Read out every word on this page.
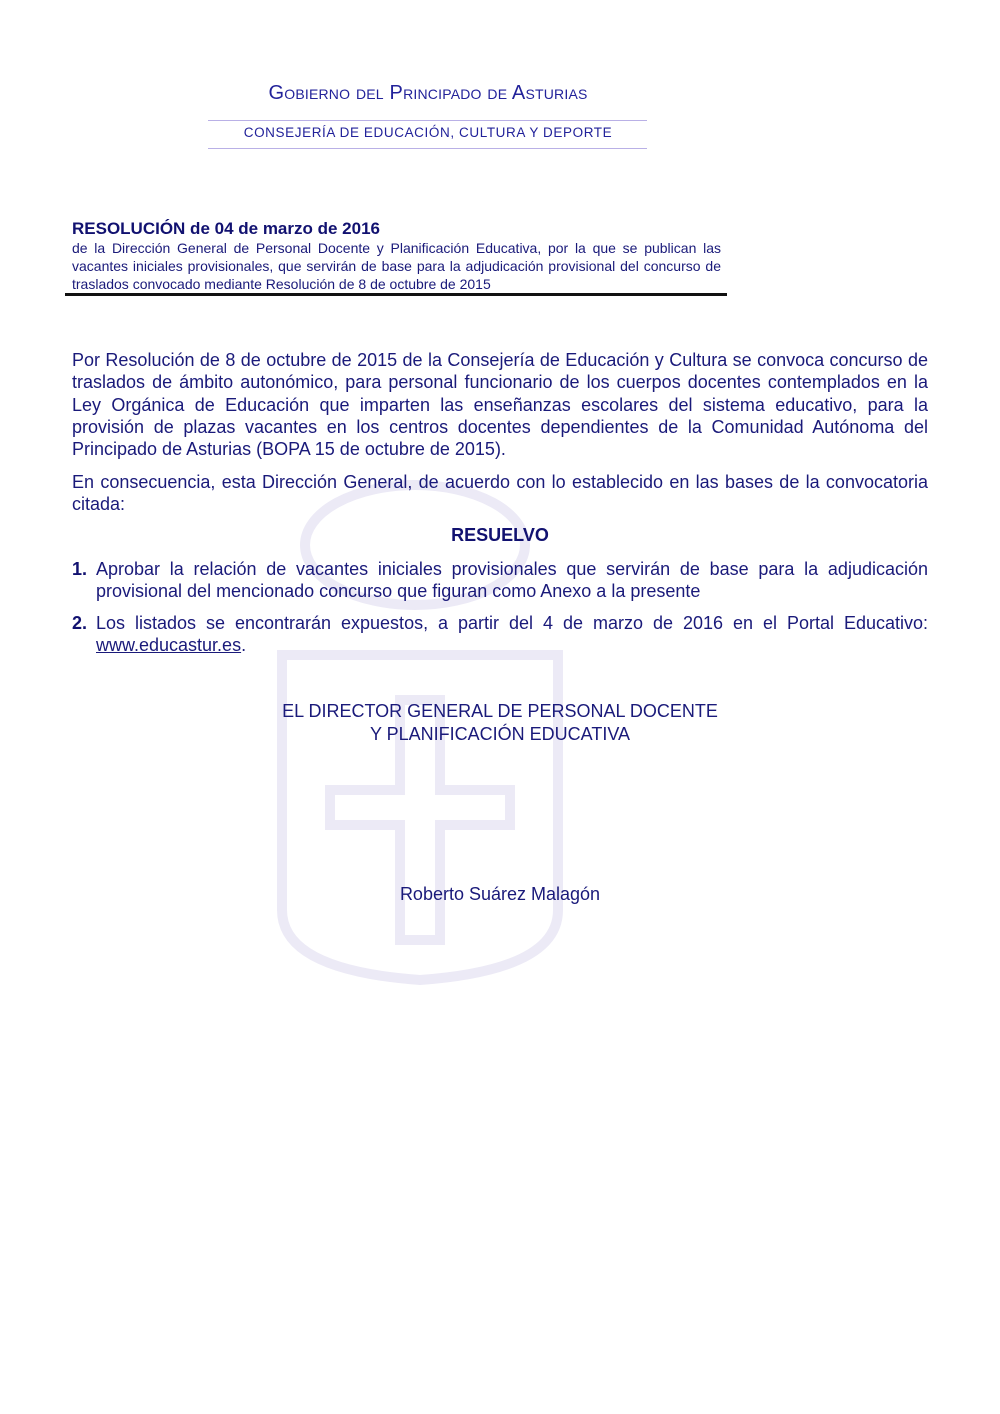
Gobierno del Principado de Asturias
CONSEJERÍA DE EDUCACIÓN, CULTURA Y DEPORTE
RESOLUCIÓN de 04 de marzo de 2016
de la Dirección General de Personal Docente y Planificación Educativa, por la que se publican las vacantes iniciales provisionales, que servirán de base para la adjudicación provisional del concurso de traslados convocado mediante Resolución de 8 de octubre de 2015
Por Resolución de 8 de octubre de 2015 de la Consejería de Educación y Cultura se convoca concurso de traslados de ámbito autonómico, para personal funcionario de los cuerpos docentes contemplados en la Ley Orgánica de Educación que imparten las enseñanzas escolares del sistema educativo, para la provisión de plazas vacantes en los centros docentes dependientes de la Comunidad Autónoma del Principado de Asturias (BOPA 15 de octubre de 2015).
En consecuencia, esta Dirección General, de acuerdo con lo establecido en las bases de la convocatoria citada:
RESUELVO
1. Aprobar la relación de vacantes iniciales provisionales que servirán de base para la adjudicación provisional del mencionado concurso que figuran como Anexo a la presente
2. Los listados se encontrarán expuestos, a partir del 4 de marzo de 2016 en el Portal Educativo: www.educastur.es.
EL DIRECTOR GENERAL DE PERSONAL DOCENTE
Y PLANIFICACIÓN EDUCATIVA
Roberto Suárez Malagón
